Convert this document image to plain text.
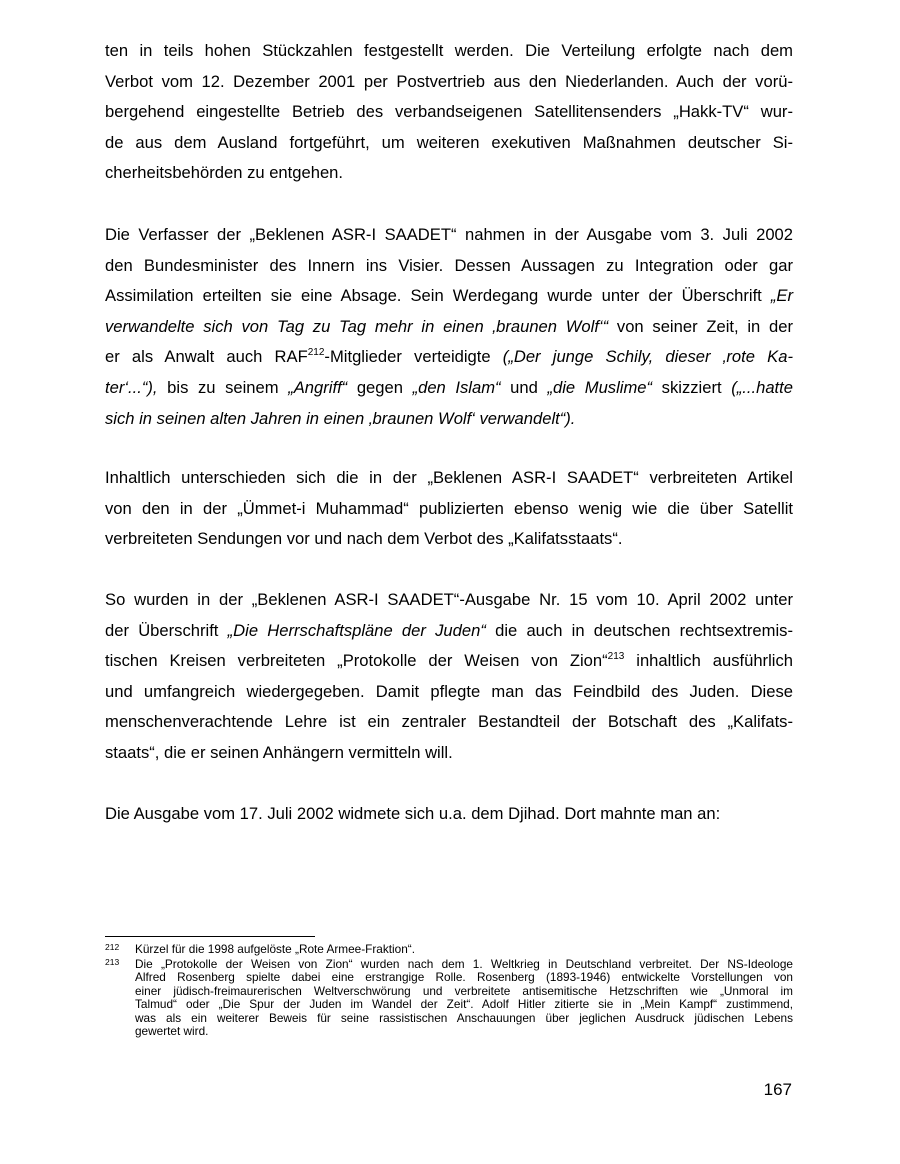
ten in teils hohen Stückzahlen festgestellt werden. Die Verteilung erfolgte nach dem
Verbot vom 12. Dezember 2001 per Postvertrieb aus den Niederlanden. Auch der vorü-
bergehend eingestellte Betrieb des verbandseigenen Satellitensenders „Hakk-TV“ wur-
de aus dem Ausland fortgeführt, um weiteren exekutiven Maßnahmen deutscher Si-
cherheitsbehörden zu entgehen.
Die Verfasser der „Beklenen ASR-I SAADET“ nahmen in der Ausgabe vom 3. Juli 2002
den Bundesminister des Innern ins Visier. Dessen Aussagen zu Integration oder gar
Assimilation erteilten sie eine Absage. Sein Werdegang wurde unter der Überschrift „Er
verwandelte sich von Tag zu Tag mehr in einen ‚braunen Wolf‘“ von seiner Zeit, in der
er als Anwalt auch RAF$^{212}$-Mitglieder verteidigte („Der junge Schily, dieser ‚rote Ka-
ter‘...“), bis zu seinem „Angriff“ gegen „den Islam“ und „die Muslime“ skizziert („...hatte
sich in seinen alten Jahren in einen ‚braunen Wolf‘ verwandelt“).
Inhaltlich unterschieden sich die in der „Beklenen ASR-I SAADET“ verbreiteten Artikel
von den in der „Ümmet-i Muhammad“ publizierten ebenso wenig wie die über Satellit
verbreiteten Sendungen vor und nach dem Verbot des „Kalifatsstaats“.
So wurden in der „Beklenen ASR-I SAADET“-Ausgabe Nr. 15 vom 10. April 2002 unter
der Überschrift „Die Herrschaftspläne der Juden“ die auch in deutschen rechtsextremis-
tischen Kreisen verbreiteten „Protokolle der Weisen von Zion“$^{213}$ inhaltlich ausführlich
und umfangreich wiedergegeben. Damit pflegte man das Feindbild des Juden. Diese
menschenverachtende Lehre ist ein zentraler Bestandteil der Botschaft des „Kalifats-
staats“, die er seinen Anhängern vermitteln will.
Die Ausgabe vom 17. Juli 2002 widmete sich u.a. dem Djihad. Dort mahnte man an:
212 Kürzel für die 1998 aufgelöste „Rote Armee-Fraktion“.
213 Die „Protokolle der Weisen von Zion“ wurden nach dem 1. Weltkrieg in Deutschland verbreitet. Der NS-Ideologe
Alfred Rosenberg spielte dabei eine erstrangige Rolle. Rosenberg (1893-1946) entwickelte Vorstellungen von
einer jüdisch-freimaurerischen Weltverschwörung und verbreitete antisemitische Hetzschriften wie „Unmoral im
Talmud“ oder „Die Spur der Juden im Wandel der Zeit“. Adolf Hitler zitierte sie in „Mein Kampf“ zustimmend,
was als ein weiterer Beweis für seine rassistischen Anschauungen über jeglichen Ausdruck jüdischen Lebens
gewertet wird.
167
